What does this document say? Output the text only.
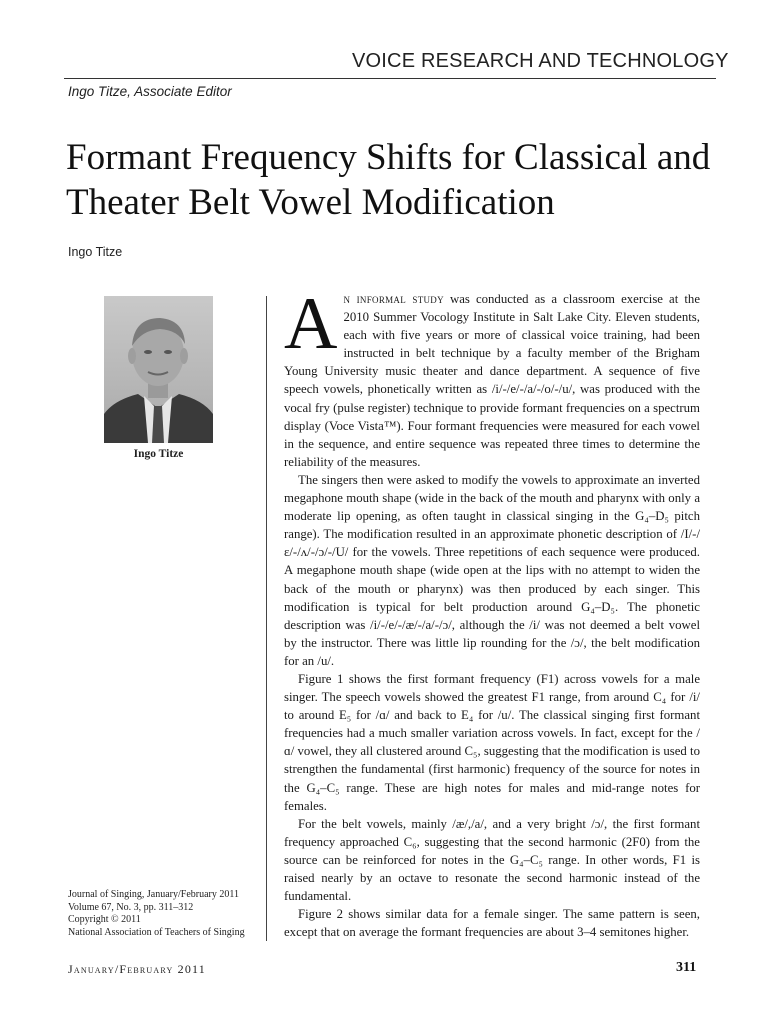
VOICE RESEARCH AND TECHNOLOGY
Ingo Titze, Associate Editor
Formant Frequency Shifts for Classical and Theater Belt Vowel Modification
Ingo Titze
Ingo Titze
Journal of Singing, January/February 2011
Volume 67, No. 3, pp. 311–312
Copyright © 2011
National Association of Teachers of Singing

An informal study was conducted as a classroom exercise at the 2010 Summer Vocology Institute in Salt Lake City. Eleven students, each with five years or more of classical voice training, had been instructed in belt technique by a faculty member of the Brigham Young University music theater and dance department. A sequence of five speech vowels, phonetically written as /i/-/e/-/a/-/o/-/u/, was produced with the vocal fry (pulse register) technique to provide formant frequencies on a spectrum display (Voce Vista™). Four formant frequencies were measured for each vowel in the sequence, and entire sequence was repeated three times to determine the reliability of the measures.

The singers then were asked to modify the vowels to approximate an inverted megaphone mouth shape (wide in the back of the mouth and pharynx with only a moderate lip opening, as often taught in classical singing in the G₄–D₅ pitch range). The modification resulted in an approximate phonetic description of /I/-/ɛ/-/ʌ/-/ɔ/-/U/ for the vowels. Three repetitions of each sequence were produced. A megaphone mouth shape (wide open at the lips with no attempt to widen the back of the mouth or pharynx) was then produced by each singer. This modification is typical for belt production around G₄–D₅. The phonetic description was /i/-/e/-/æ/-/a/-/ɔ/, although the /i/ was not deemed a belt vowel by the instructor. There was little lip rounding for the /ɔ/, the belt modification for an /u/.

Figure 1 shows the first formant frequency (F1) across vowels for a male singer. The speech vowels showed the greatest F1 range, from around C₄ for /i/ to around E₅ for /ɑ/ and back to E₄ for /u/. The classical singing first formant frequencies had a much smaller variation across vowels. In fact, except for the /ɑ/ vowel, they all clustered around C₅, suggesting that the modification is used to strengthen the fundamental (first harmonic) frequency of the source for notes in the G₄–C₅ range. These are high notes for males and mid-range notes for females.

For the belt vowels, mainly /æ/,/a/, and a very bright /ɔ/, the first formant frequency approached C₆, suggesting that the second harmonic (2F0) from the source can be reinforced for notes in the G₄–C₅ range. In other words, F1 is raised nearly by an octave to resonate the second harmonic instead of the fundamental.

Figure 2 shows similar data for a female singer. The same pattern is seen, except that on average the formant frequencies are about 3–4 semitones higher.

January/February 2011	311
